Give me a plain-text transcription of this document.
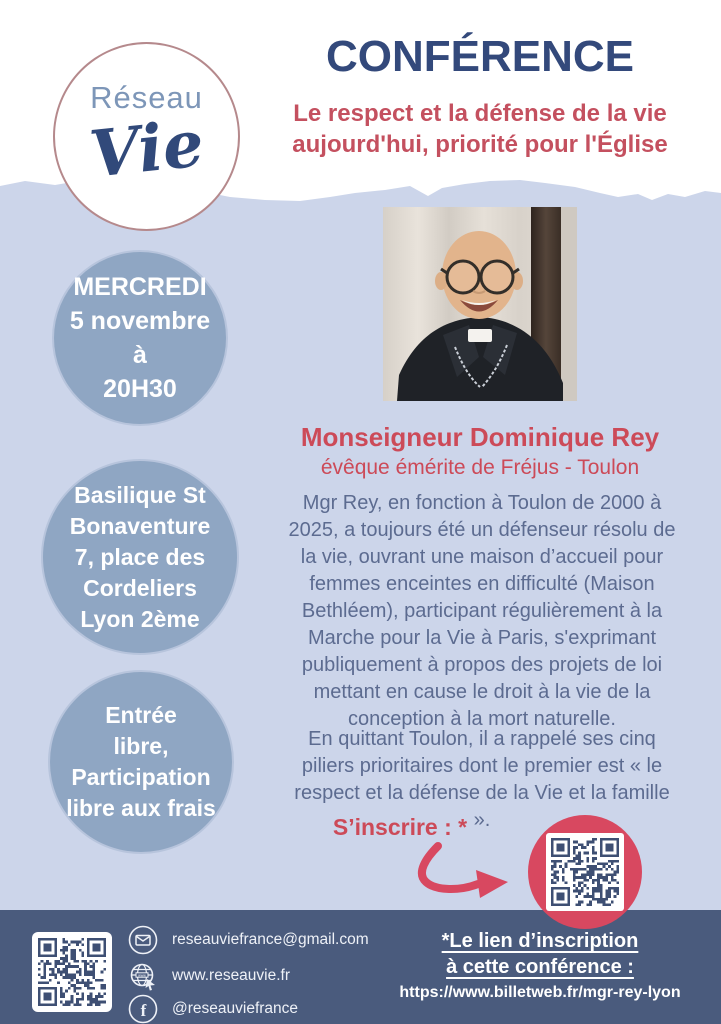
Réseau
Vie
CONFÉRENCE
Le respect et la défense de la vie
aujourd'hui, priorité pour l'Église
MERCREDI
5 novembre
à
20H30
Basilique St
Bonaventure
7, place des
Cordeliers
Lyon 2ème
Entrée
libre,
Participation
libre aux frais
Monseigneur Dominique Rey
évêque émérite de Fréjus - Toulon
Mgr Rey, en fonction à Toulon de 2000 à 2025, a toujours été un défenseur résolu de la vie, ouvrant une maison d’accueil pour femmes enceintes en difficulté (Maison Bethléem), participant régulièrement à la Marche pour la Vie à Paris, s'exprimant publiquement à propos des projets de loi mettant en cause le droit à la vie de la conception à la mort naturelle.
En quittant Toulon, il a rappelé ses cinq piliers prioritaires dont le premier est « le respect et la défense de la Vie et la famille ».
S’inscrire : *
reseauviefrance@gmail.com
www www.reseauvie.fr
f @reseauviefrance
*Le lien d’inscription
à cette conférence :
https://www.billetweb.fr/mgr-rey-lyon
